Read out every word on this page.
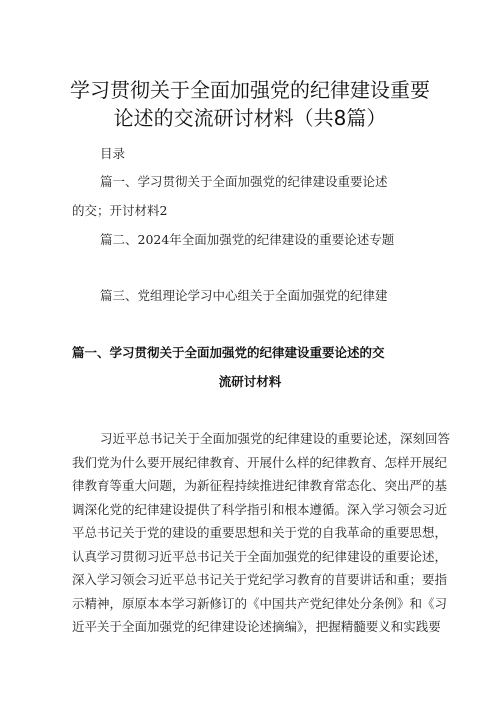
学习贯彻关于全面加强党的纪律建设重要
论述的交流研讨材料（共8篇）
目录
篇一、学习贯彻关于全面加强党的纪律建设重要论述
的交；开讨材料2
篇二、2024年全面加强党的纪律建设的重要论述专题
篇三、党组理论学习中心组关于全面加强党的纪律建
篇一、学习贯彻关于全面加强党的纪律建设重要论述的交
流研讨材料
习近平总书记关于全面加强党的纪律建设的重要论述，深刻回答
我们党为什么要开展纪律教育、开展什么样的纪律教育、怎样开展纪
律教育等重大问题，为新征程持续推进纪律教育常态化、突出严的基
调深化党的纪律建设提供了科学指引和根本遵循。深入学习领会习近
平总书记关于党的建设的重要思想和关于党的自我革命的重要思想，
认真学习贯彻习近平总书记关于全面加强党的纪律建设的重要论述，
深入学习领会习近平总书记关于党纪学习教育的苜要讲话和重；要指
示精神，原原本本学习新修订的《中国共产党纪律处分条例》和《习
近平关于全面加强党的纪律建设论述摘编》，把握精髓要义和实践要
